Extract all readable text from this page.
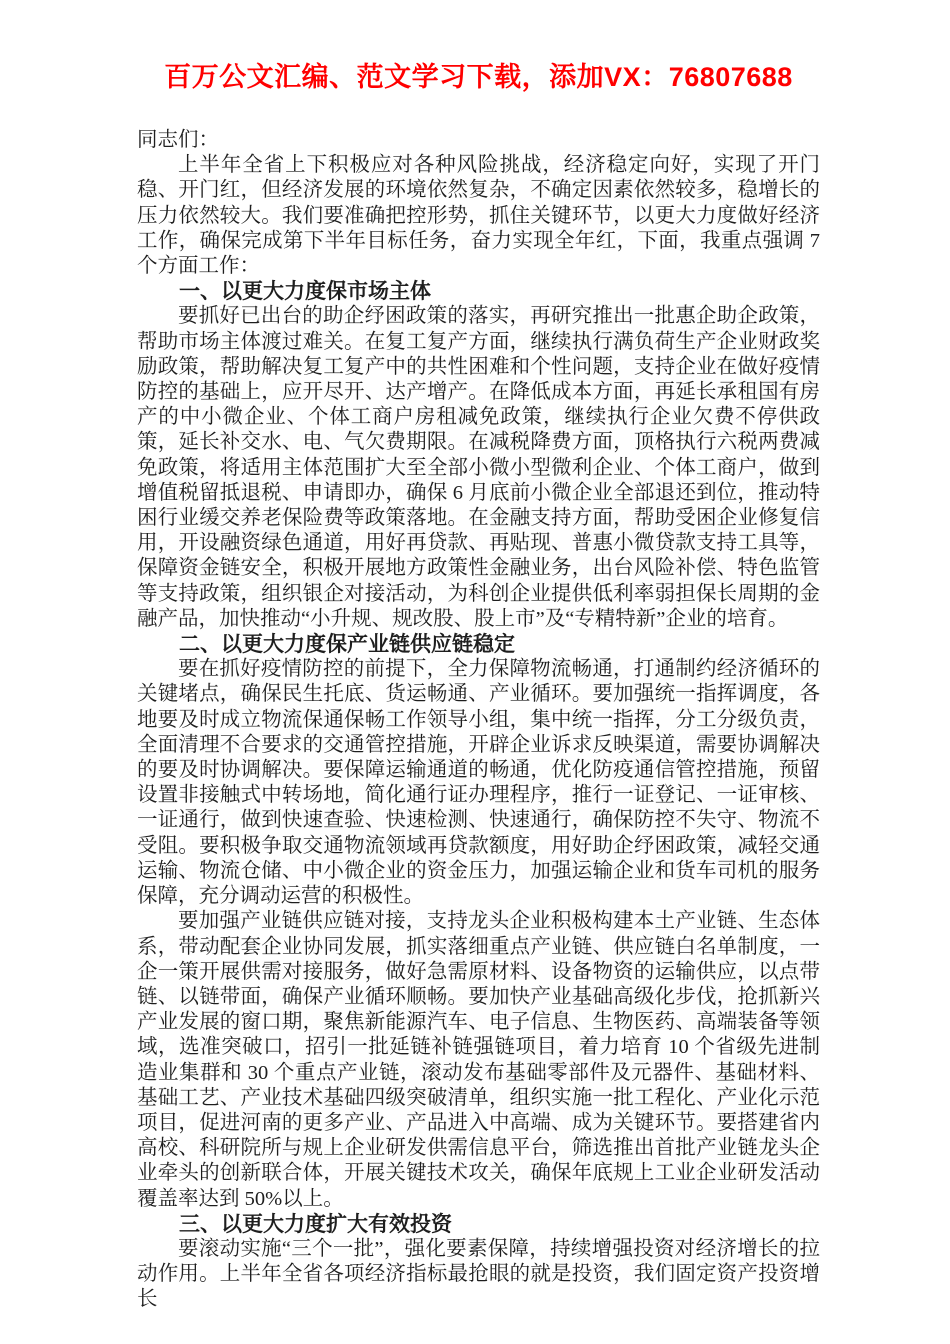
百万公文汇编、范文学习下载，添加VX：76807688

同志们：

上半年全省上下积极应对各种风险挑战，经济稳定向好，实现了开门稳、开门红，但经济发展的环境依然复杂，不确定因素依然较多，稳增长的压力依然较大。我们要准确把控形势，抓住关键环节，以更大力度做好经济工作，确保完成第下半年目标任务，奋力实现全年红，下面，我重点强调 7 个方面工作：

一、以更大力度保市场主体

要抓好已出台的助企纾困政策的落实，再研究推出一批惠企助企政策，帮助市场主体渡过难关。在复工复产方面，继续执行满负荷生产企业财政奖励政策，帮助解决复工复产中的共性困难和个性问题，支持企业在做好疫情防控的基础上，应开尽开、达产增产。在降低成本方面，再延长承租国有房产的中小微企业、个体工商户房租减免政策，继续执行企业欠费不停供政策，延长补交水、电、气欠费期限。在减税降费方面，顶格执行六税两费减免政策，将适用主体范围扩大至全部小微小型微利企业、个体工商户，做到增值税留抵退税、申请即办，确保 6 月底前小微企业全部退还到位，推动特困行业缓交养老保险费等政策落地。在金融支持方面，帮助受困企业修复信用，开设融资绿色通道，用好再贷款、再贴现、普惠小微贷款支持工具等，保障资金链安全，积极开展地方政策性金融业务，出台风险补偿、特色监管等支持政策，组织银企对接活动，为科创企业提供低利率弱担保长周期的金融产品，加快推动“小升规、规改股、股上市”及“专精特新”企业的培育。

二、以更大力度保产业链供应链稳定

要在抓好疫情防控的前提下，全力保障物流畅通，打通制约经济循环的关键堵点，确保民生托底、货运畅通、产业循环。要加强统一指挥调度，各地要及时成立物流保通保畅工作领导小组，集中统一指挥，分工分级负责，全面清理不合要求的交通管控措施，开辟企业诉求反映渠道，需要协调解决的要及时协调解决。要保障运输通道的畅通，优化防疫通信管控措施，预留设置非接触式中转场地，简化通行证办理程序，推行一证登记、一证审核、一证通行，做到快速查验、快速检测、快速通行，确保防控不失守、物流不受阻。要积极争取交通物流领域再贷款额度，用好助企纾困政策，减轻交通运输、物流仓储、中小微企业的资金压力，加强运输企业和货车司机的服务保障，充分调动运营的积极性。

要加强产业链供应链对接，支持龙头企业积极构建本土产业链、生态体系，带动配套企业协同发展，抓实落细重点产业链、供应链白名单制度，一企一策开展供需对接服务，做好急需原材料、设备物资的运输供应，以点带链、以链带面，确保产业循环顺畅。要加快产业基础高级化步伐，抢抓新兴产业发展的窗口期，聚焦新能源汽车、电子信息、生物医药、高端装备等领域，选准突破口，招引一批延链补链强链项目，着力培育 10 个省级先进制造业集群和 30 个重点产业链，滚动发布基础零部件及元器件、基础材料、基础工艺、产业技术基础四级突破清单，组织实施一批工程化、产业化示范项目，促进河南的更多产业、产品进入中高端、成为关键环节。要搭建省内高校、科研院所与规上企业研发供需信息平台，筛选推出首批产业链龙头企业牵头的创新联合体，开展关键技术攻关，确保年底规上工业企业研发活动覆盖率达到 50%以上。

三、以更大力度扩大有效投资

要滚动实施“三个一批”，强化要素保障，持续增强投资对经济增长的拉动作用。上半年全省各项经济指标最抢眼的就是投资，我们固定资产投资增长
